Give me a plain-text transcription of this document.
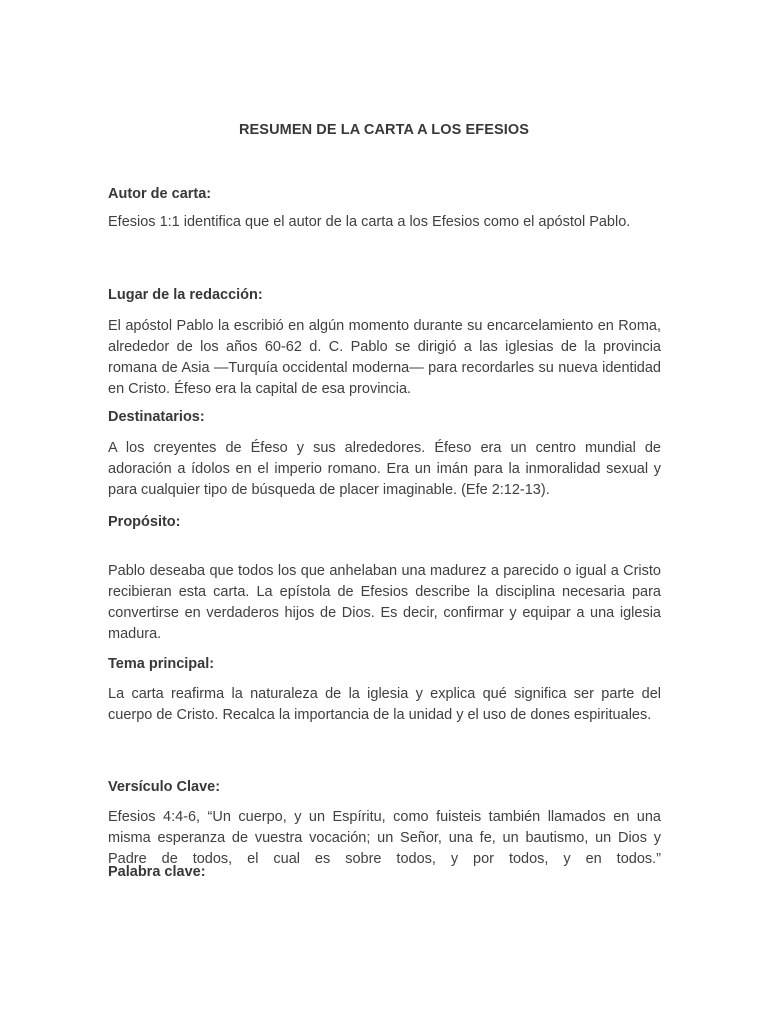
RESUMEN DE LA CARTA A LOS EFESIOS
Autor de carta:
Efesios 1:1 identifica que el autor de la carta a los Efesios como el apóstol Pablo.
Lugar de la redacción:
El apóstol Pablo la escribió en algún momento durante su encarcelamiento en Roma, alrededor de los años 60-62 d. C. Pablo se dirigió a las iglesias de la provincia romana de Asia —Turquía occidental moderna— para recordarles su nueva identidad en Cristo. Éfeso era la capital de esa provincia.
Destinatarios:
A los creyentes de Éfeso y sus alrededores. Éfeso era un centro mundial de adoración a ídolos en el imperio romano. Era un imán para la inmoralidad sexual y para cualquier tipo de búsqueda de placer imaginable. (Efe 2:12-13).
Propósito:
Pablo deseaba que todos los que anhelaban una madurez a parecido o igual a Cristo recibieran esta carta. La epístola de Efesios describe la disciplina necesaria para convertirse en verdaderos hijos de Dios. Es decir, confirmar y equipar a una iglesia madura.
Tema principal:
La carta reafirma la naturaleza de la iglesia y explica qué significa ser parte del cuerpo de Cristo. Recalca la importancia de la unidad y el uso de dones espirituales.
Versículo Clave:
Efesios 4:4-6, “Un cuerpo, y un Espíritu, como fuisteis también llamados en una misma esperanza de vuestra vocación; un Señor, una fe, un bautismo, un Dios y Padre de todos, el cual es sobre todos, y por todos, y en todos.”
Palabra clave:
